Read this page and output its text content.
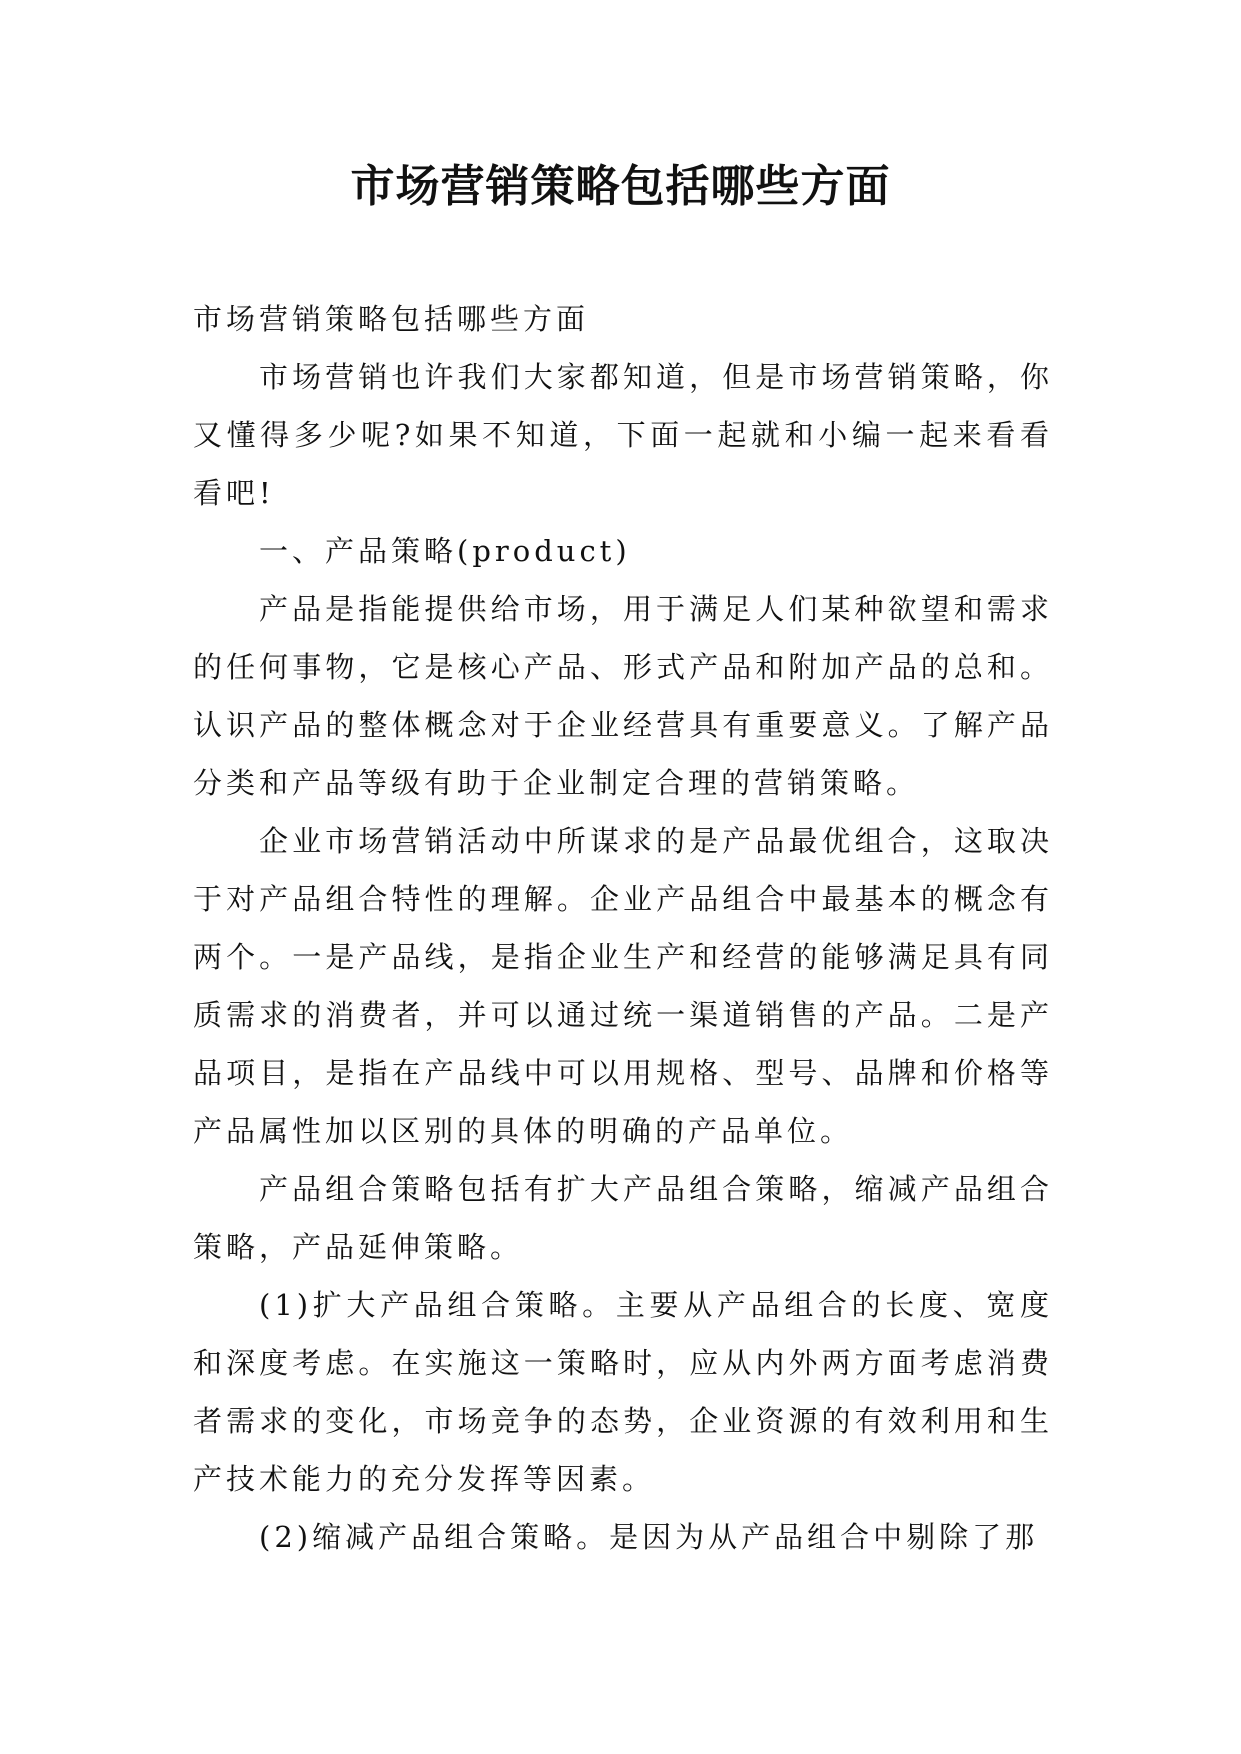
市场营销策略包括哪些方面

市场营销策略包括哪些方面

市场营销也许我们大家都知道，但是市场营销策略，你又懂得多少呢?如果不知道，下面一起就和小编一起来看看看吧!

一、产品策略(product)

产品是指能提供给市场，用于满足人们某种欲望和需求的任何事物，它是核心产品、形式产品和附加产品的总和。认识产品的整体概念对于企业经营具有重要意义。了解产品分类和产品等级有助于企业制定合理的营销策略。

企业市场营销活动中所谋求的是产品最优组合，这取决于对产品组合特性的理解。企业产品组合中最基本的概念有两个。一是产品线，是指企业生产和经营的能够满足具有同质需求的消费者，并可以通过统一渠道销售的产品。二是产品项目，是指在产品线中可以用规格、型号、品牌和价格等产品属性加以区别的具体的明确的产品单位。

产品组合策略包括有扩大产品组合策略，缩减产品组合策略，产品延伸策略。

(1)扩大产品组合策略。主要从产品组合的长度、宽度和深度考虑。在实施这一策略时，应从内外两方面考虑消费者需求的变化，市场竞争的态势，企业资源的有效利用和生产技术能力的充分发挥等因素。

(2)缩减产品组合策略。是因为从产品组合中剔除了那
